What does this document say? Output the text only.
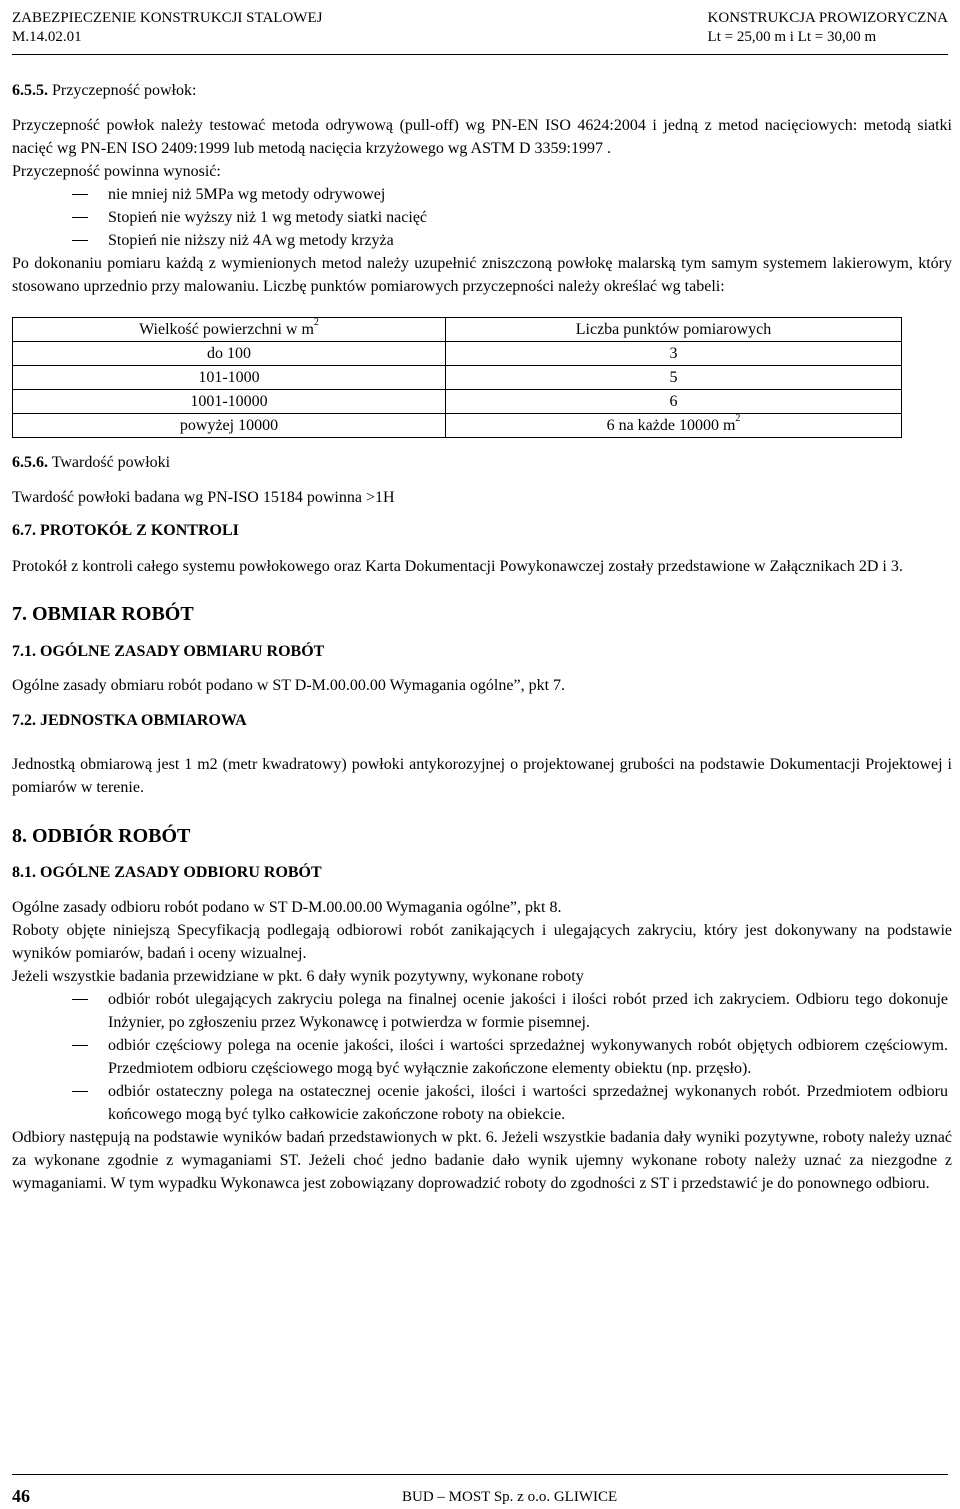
ZABEZPIECZENIE KONSTRUKCJI STALOWEJ
M.14.02.01
KONSTRUKCJA PROWIZORYCZNA
Lt = 25,00 m i Lt = 30,00 m

6.5.5. Przyczepność powłok:

Przyczepność powłok należy testować metoda odrywową (pull-off) wg PN-EN ISO 4624:2004 i jedną z metod nacięciowych: metodą siatki nacięć wg PN-EN ISO 2409:1999 lub metodą nacięcia krzyżowego wg ASTM D 3359:1997 .

Przyczepność powinna wynosić:

nie mniej niż 5MPa wg metody odrywowej
Stopień nie wyższy niż 1 wg metody siatki nacięć
Stopień nie niższy niż 4A wg metody krzyża

Po dokonaniu pomiaru każdą z wymienionych metod należy uzupełnić zniszczoną powłokę malarską tym samym systemem lakierowym, który stosowano uprzednio przy malowaniu. Liczbę punktów pomiarowych przyczepności należy określać wg tabeli:

Wielkość powierzchni w $m^2$	Liczba punktów pomiarowych
do 100	3
101-1000	5
1001-10000	6
powyżej 10000	6 na każde 10000 $m^2$

6.5.6. Twardość powłoki

Twardość powłoki badana wg PN-ISO 15184 powinna >1H

6.7. PROTOKÓŁ Z KONTROLI

Protokół z kontroli całego systemu powłokowego oraz Karta Dokumentacji Powykonawczej zostały przedstawione w Załącznikach 2D i 3.

7. OBMIAR ROBÓT

7.1. OGÓLNE ZASADY OBMIARU ROBÓT

Ogólne zasady obmiaru robót podano w ST D-M.00.00.00 Wymagania ogólne”, pkt 7.

7.2. JEDNOSTKA OBMIAROWA

Jednostką obmiarową jest 1 m2 (metr kwadratowy) powłoki antykorozyjnej o projektowanej grubości na podstawie Dokumentacji Projektowej i pomiarów w terenie.

8. ODBIÓR ROBÓT

8.1. OGÓLNE ZASADY ODBIORU ROBÓT

Ogólne zasady odbioru robót podano w ST D-M.00.00.00 Wymagania ogólne”, pkt 8.

Roboty objęte niniejszą Specyfikacją podlegają odbiorowi robót zanikających i ulegających zakryciu, który jest dokonywany na podstawie wyników pomiarów, badań i oceny wizualnej.

Jeżeli wszystkie badania przewidziane w pkt. 6 dały wynik pozytywny, wykonane roboty

odbiór robót ulegających zakryciu polega na finalnej ocenie jakości i ilości robót przed ich zakryciem. Odbioru tego dokonuje Inżynier, po zgłoszeniu przez Wykonawcę i potwierdza w formie pisemnej.
odbiór częściowy polega na ocenie jakości, ilości i wartości sprzedażnej wykonywanych robót objętych odbiorem częściowym. Przedmiotem odbioru częściowego mogą być wyłącznie zakończone elementy obiektu (np. przęsło).
odbiór ostateczny polega na ostatecznej ocenie jakości, ilości i wartości sprzedażnej wykonanych robót. Przedmiotem odbioru końcowego mogą być tylko całkowicie zakończone roboty na obiekcie.

Odbiory następują na podstawie wyników badań przedstawionych w pkt. 6. Jeżeli wszystkie badania dały wyniki pozytywne, roboty należy uznać za wykonane zgodnie z wymaganiami ST. Jeżeli choć jedno badanie dało wynik ujemny wykonane roboty należy uznać za niezgodne z wymaganiami. W tym wypadku Wykonawca jest zobowiązany doprowadzić roboty do zgodności z ST i przedstawić je do ponownego odbioru.

46	BUD – MOST Sp. z o.o. GLIWICE
